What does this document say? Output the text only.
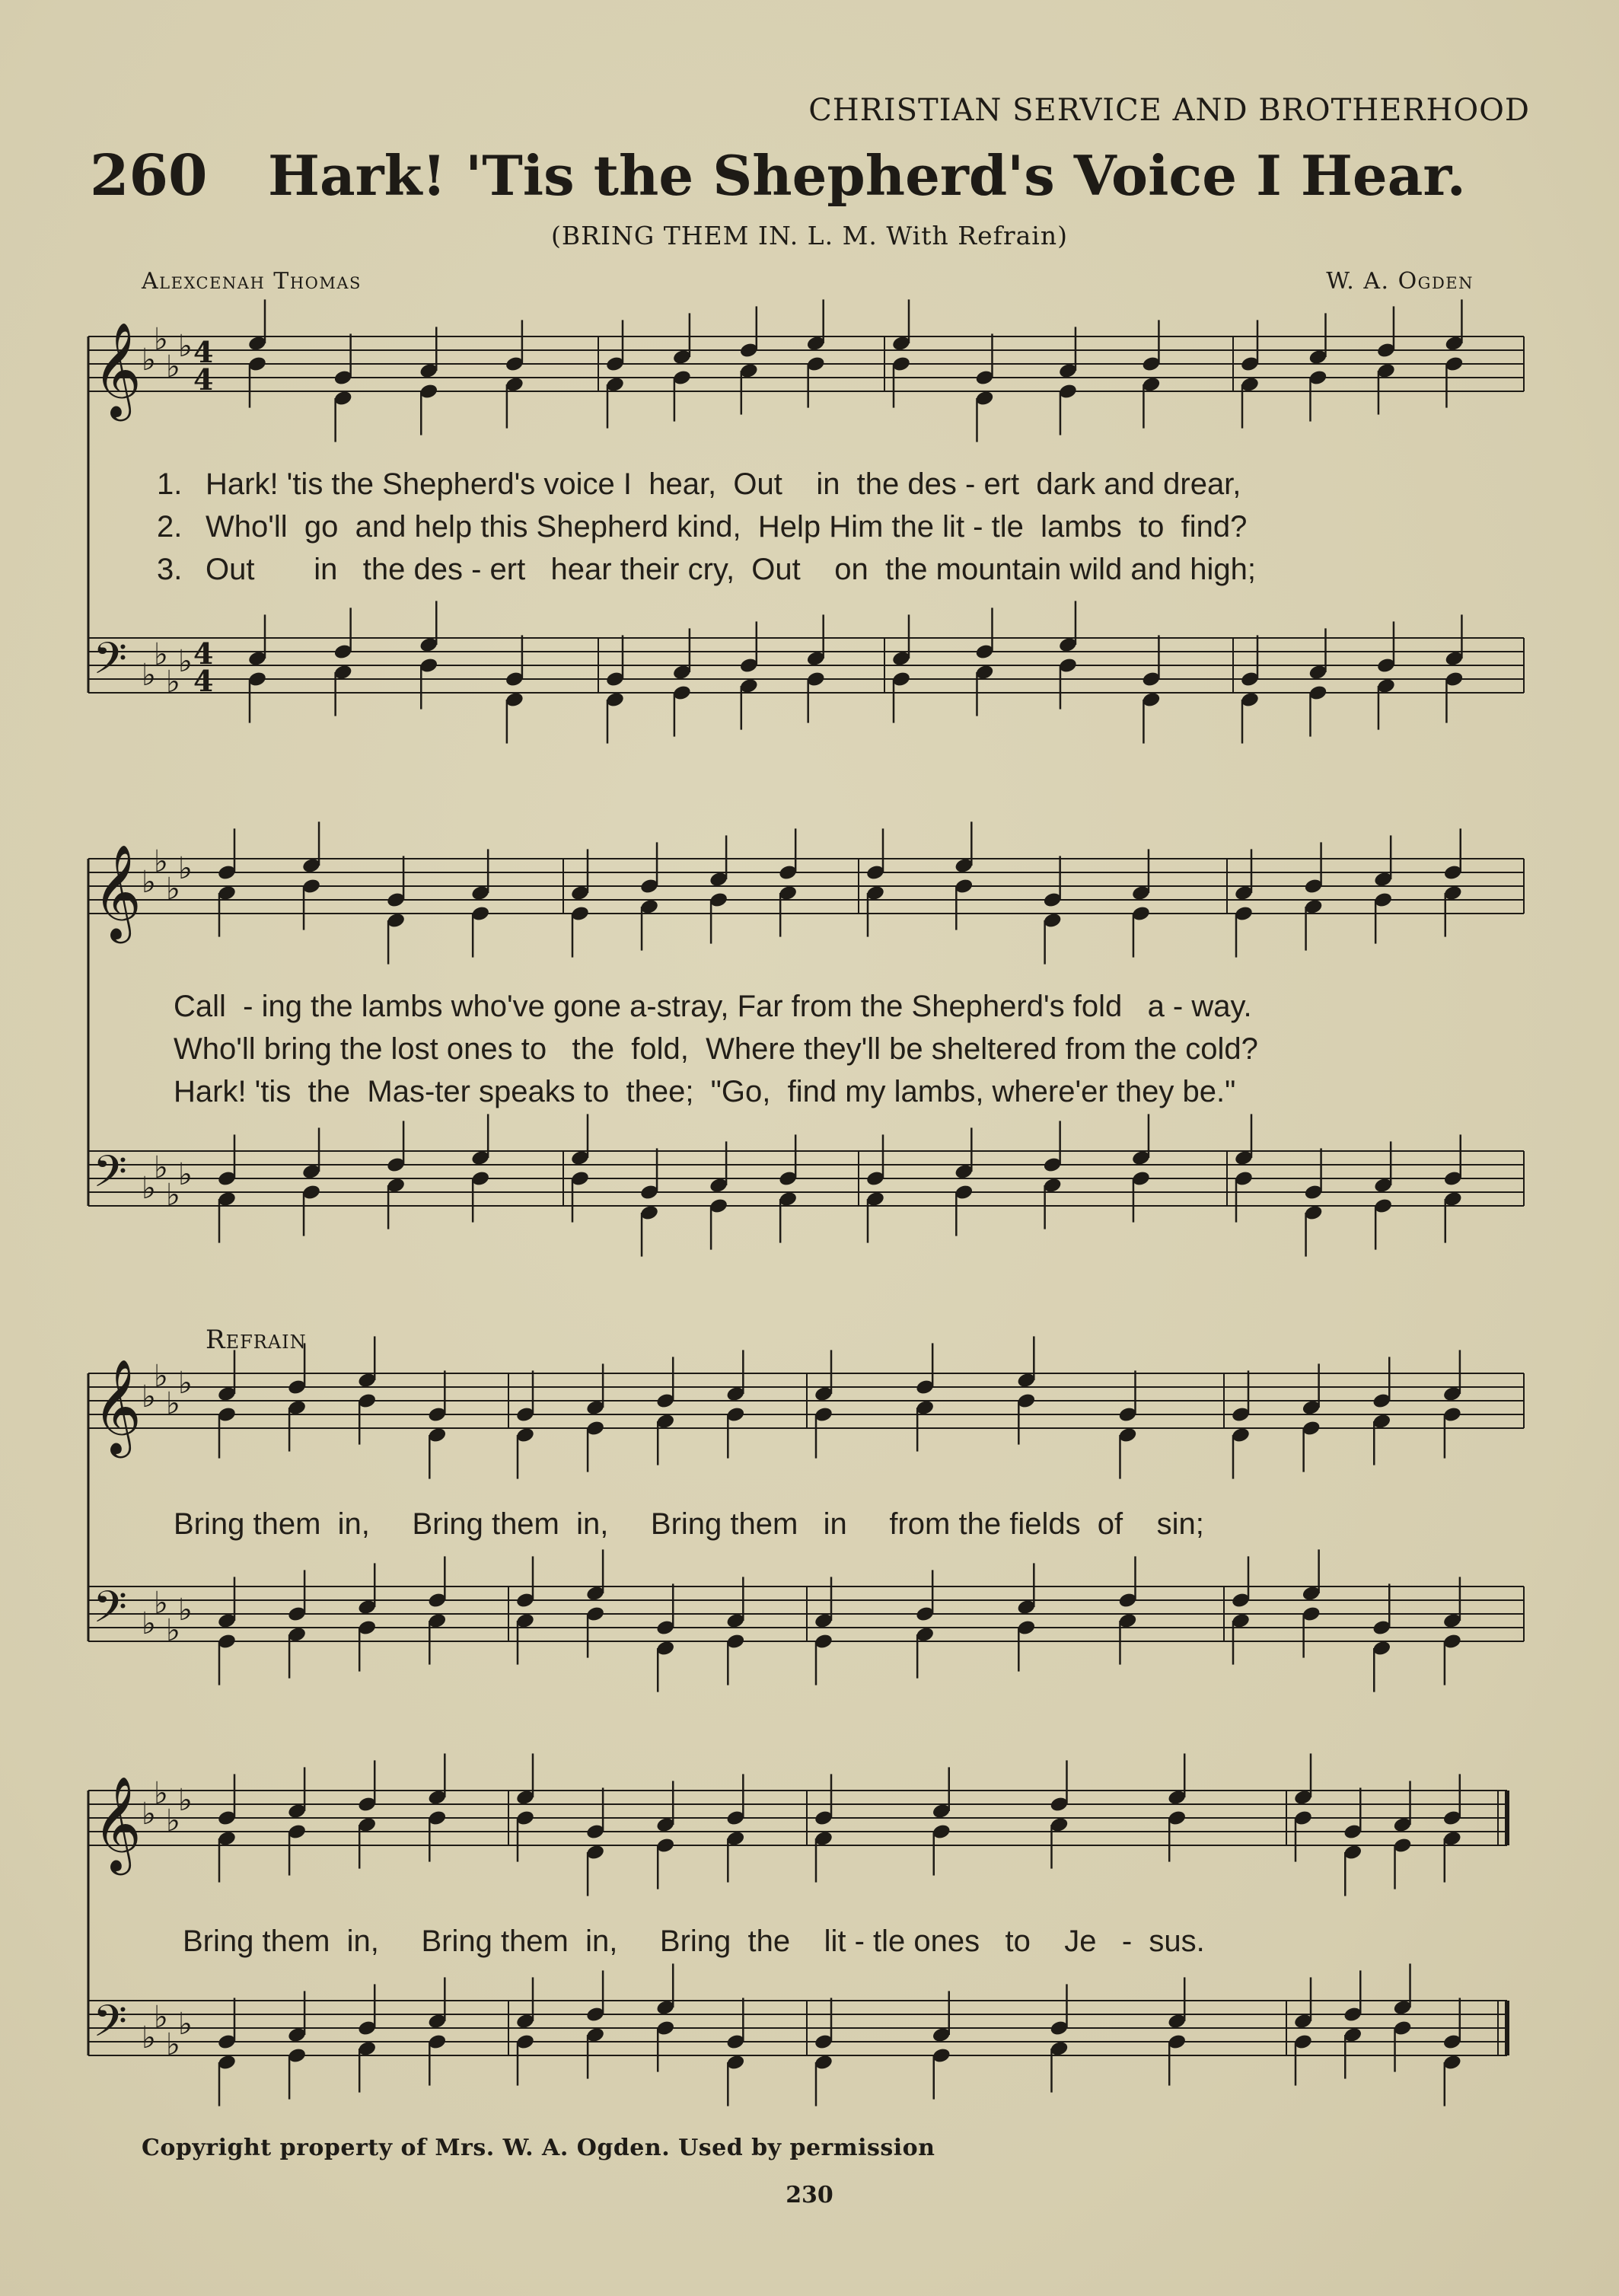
CHRISTIAN SERVICE AND BROTHERHOOD
260 Hark! 'Tis the Shepherd's Voice I Hear.
(BRING THEM IN. L. M. With Refrain)
Alexcenah Thomas	W. A. Ogden
𝄞 ♭
♭
♭
♭ 4
4
𝄢 ♭
♭
♭
♭ 4
4
𝄞 ♭
♭
♭
♭
𝄢 ♭
♭
♭
♭
𝄞 ♭
♭
♭
♭
𝄢 ♭
♭
♭
♭
𝄞 ♭
♭
♭
♭
𝄢 ♭
♭
♭
♭
1.
2.
3.
Hark! 'tis the Shepherd's voice I  hear,  Out    in  the des - ert  dark and drear,
Who'll  go  and help this Shepherd kind,  Help Him the lit - tle  lambs  to  find?
Out       in   the des - ert   hear their cry,  Out    on  the mountain wild and high;
Call  - ing the lambs who've gone a-stray, Far from the Shepherd's fold   a - way.
Who'll bring the lost ones to   the  fold,  Where they'll be sheltered from the cold?
Hark! 'tis  the  Mas-ter speaks to  thee;  "Go,  find my lambs, where'er they be."
Refrain
Bring them  in,     Bring them  in,     Bring them   in     from the fields  of    sin;
Bring them  in,     Bring them  in,     Bring  the    lit - tle ones   to    Je   -  sus.
Copyright property of Mrs. W. A. Ogden. Used by permission
230
